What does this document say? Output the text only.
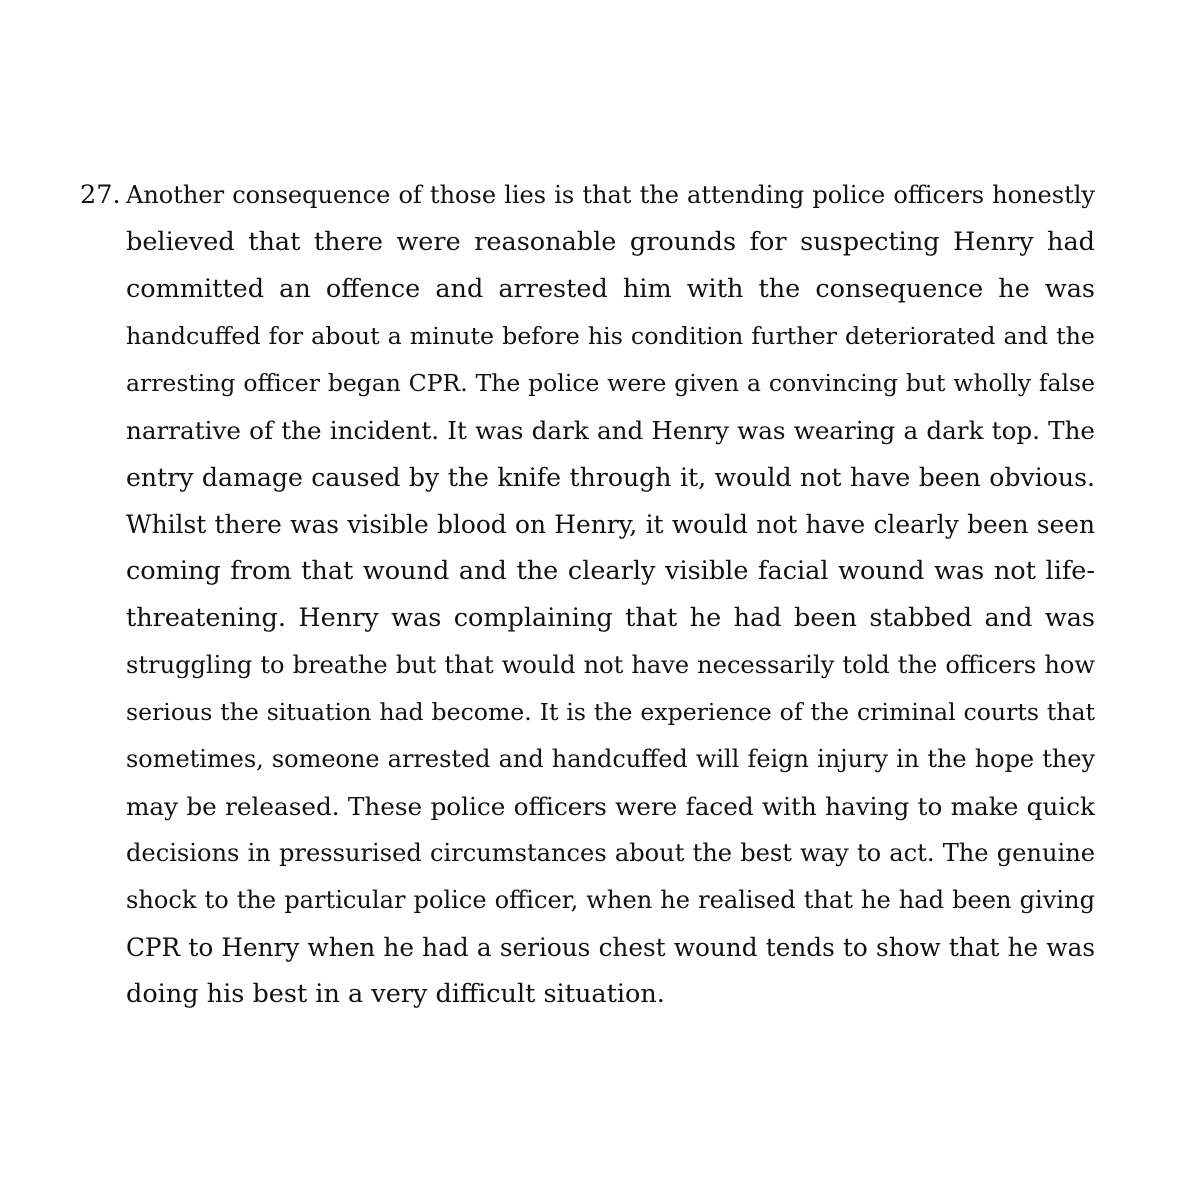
27. Another consequence of those lies is that the attending police officers honestly
believed that there were reasonable grounds for suspecting Henry had
committed an offence and arrested him with the consequence he was
handcuffed for about a minute before his condition further deteriorated and the
arresting officer began CPR. The police were given a convincing but wholly false
narrative of the incident. It was dark and Henry was wearing a dark top. The
entry damage caused by the knife through it, would not have been obvious.
Whilst there was visible blood on Henry, it would not have clearly been seen
coming from that wound and the clearly visible facial wound was not life-
threatening. Henry was complaining that he had been stabbed and was
struggling to breathe but that would not have necessarily told the officers how
serious the situation had become. It is the experience of the criminal courts that
sometimes, someone arrested and handcuffed will feign injury in the hope they
may be released. These police officers were faced with having to make quick
decisions in pressurised circumstances about the best way to act. The genuine
shock to the particular police officer, when he realised that he had been giving
CPR to Henry when he had a serious chest wound tends to show that he was
doing his best in a very difficult situation.
